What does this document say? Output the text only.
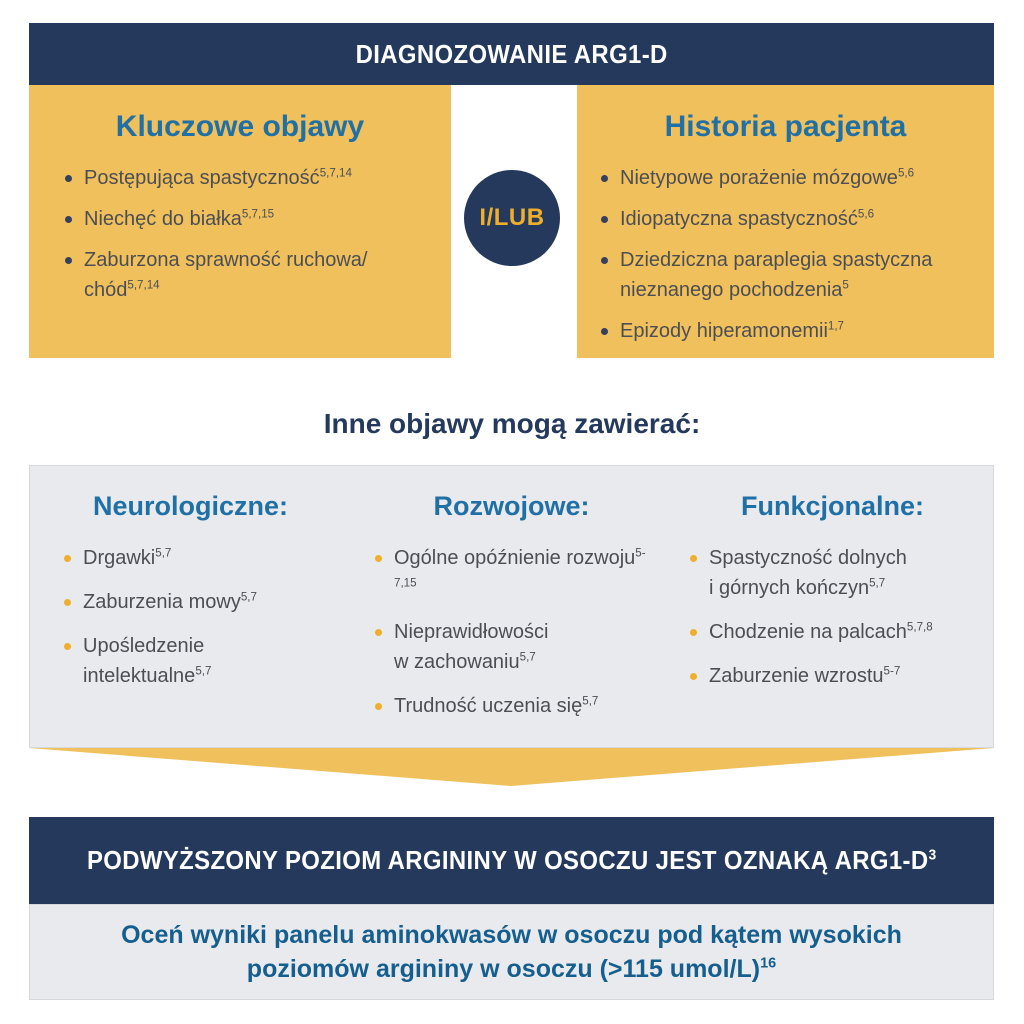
DIAGNOZOWANIE ARG1-D
Kluczowe objawy
Postępująca spastyczność$^{5,7,14}$
Niechęć do białka$^{5,7,15}$
Zaburzona sprawność ruchowa/ chód$^{5,7,14}$
I/LUB
Historia pacjenta
Nietypowe porażenie mózgowe$^{5,6}$
Idiopatyczna spastyczność$^{5,6}$
Dziedziczna paraplegia spastyczna nieznanego pochodzenia$^5$
Epizody hiperamonemii$^{1,7}$
Inne objawy mogą zawierać:
Neurologiczne:
Drgawki$^{5,7}$
Zaburzenia mowy$^{5,7}$
Upośledzenie intelektualne$^{5,7}$
Rozwojowe:
Ogólne opóźnienie rozwoju$^{5-7,15}$
Nieprawidłowości w zachowaniu$^{5,7}$
Trudność uczenia się$^{5,7}$
Funkcjonalne:
Spastyczność dolnych i górnych kończyn$^{5,7}$
Chodzenie na palcach$^{5,7,8}$
Zaburzenie wzrostu$^{5-7}$
PODWYŻSZONY POZIOM ARGININY W OSOCZU JEST OZNAKĄ $ARG1-D^3$

Oceń wyniki panelu aminokwasów w osoczu pod kątem wysokich poziomów argininy w osoczu (>115 umol/L)$^{16}$
